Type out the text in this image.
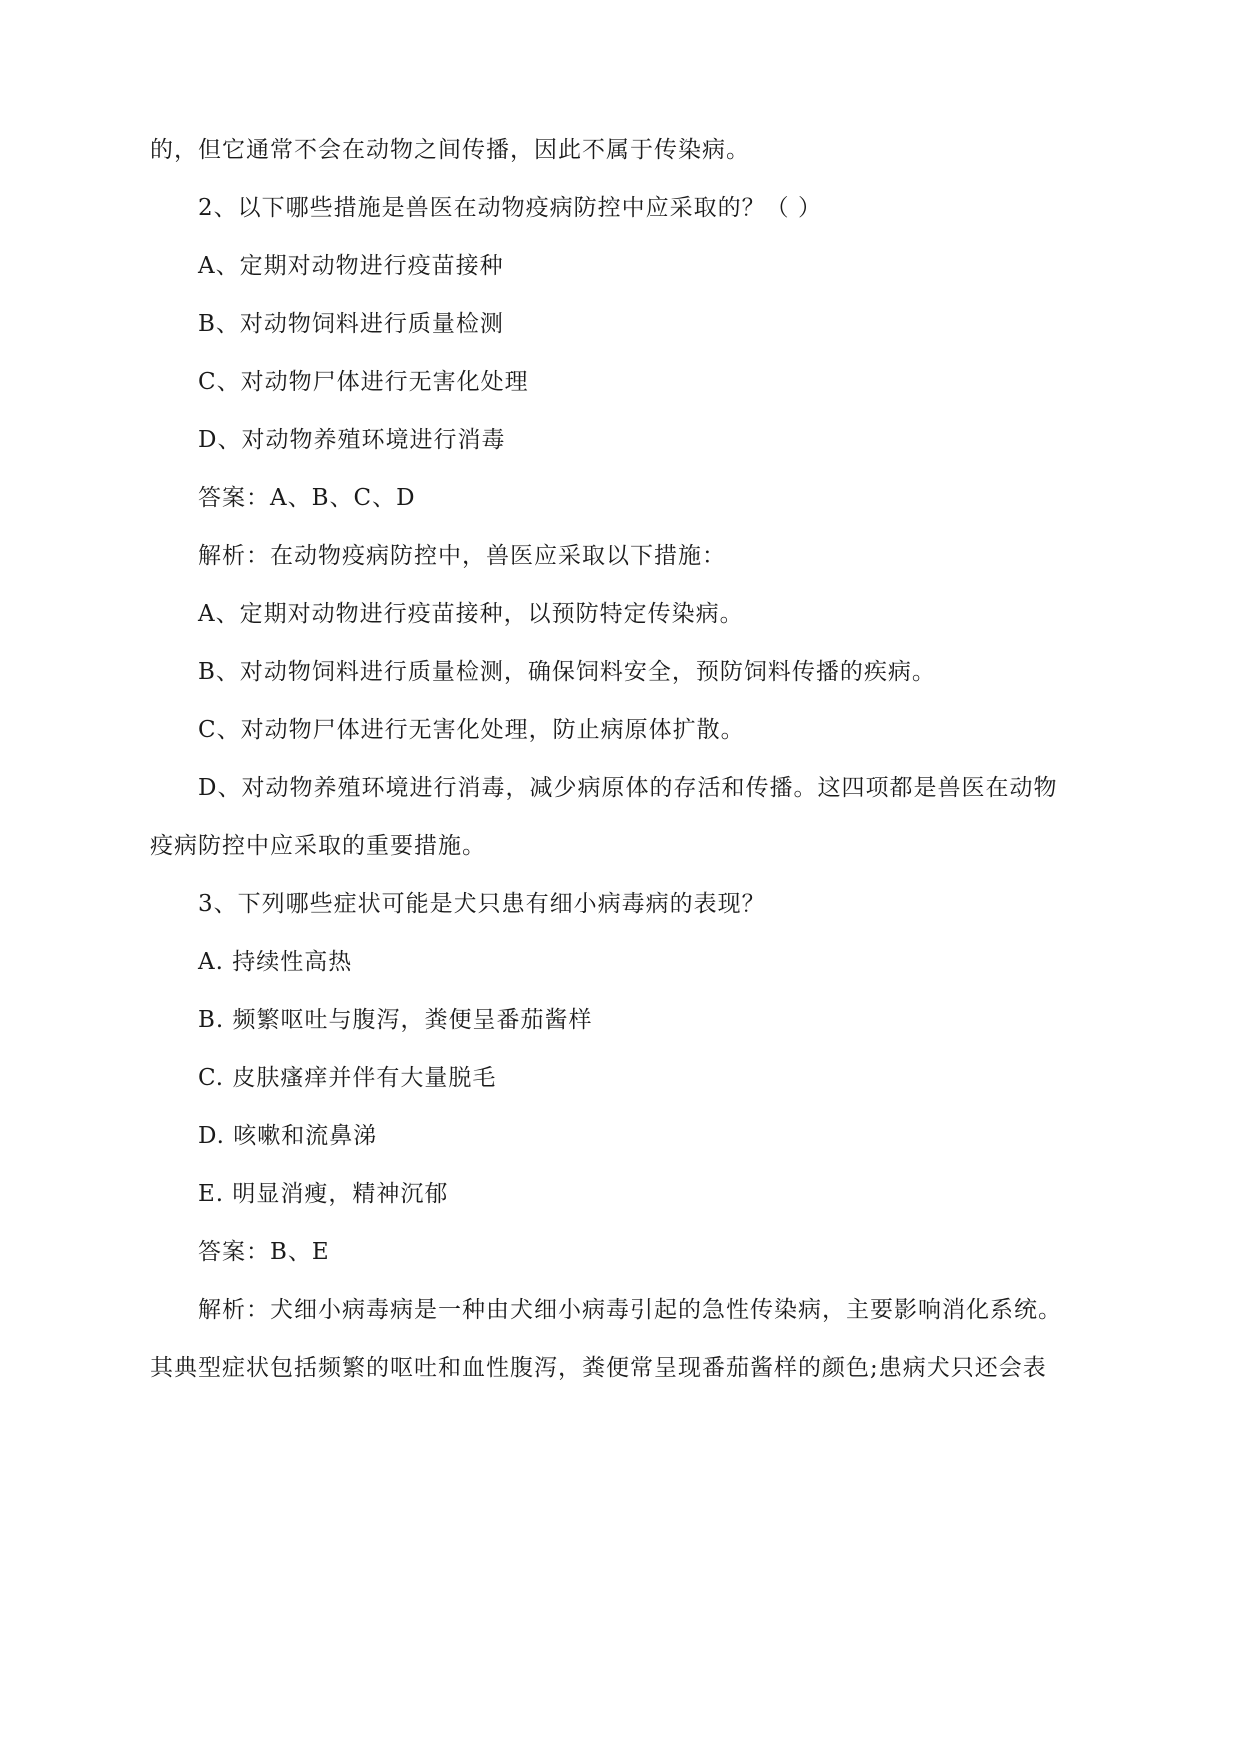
的，但它通常不会在动物之间传播，因此不属于传染病。

2、以下哪些措施是兽医在动物疫病防控中应采取的？（ ）

A、定期对动物进行疫苗接种

B、对动物饲料进行质量检测

C、对动物尸体进行无害化处理

D、对动物养殖环境进行消毒

答案：A、B、C、D

解析：在动物疫病防控中，兽医应采取以下措施：

A、定期对动物进行疫苗接种，以预防特定传染病。

B、对动物饲料进行质量检测，确保饲料安全，预防饲料传播的疾病。

C、对动物尸体进行无害化处理，防止病原体扩散。

D、对动物养殖环境进行消毒，减少病原体的存活和传播。这四项都是兽医在动物

疫病防控中应采取的重要措施。

3、下列哪些症状可能是犬只患有细小病毒病的表现？

A. 持续性高热

B. 频繁呕吐与腹泻，粪便呈番茄酱样

C. 皮肤瘙痒并伴有大量脱毛

D. 咳嗽和流鼻涕

E. 明显消瘦，精神沉郁

答案：B、E

解析：犬细小病毒病是一种由犬细小病毒引起的急性传染病，主要影响消化系统。

其典型症状包括频繁的呕吐和血性腹泻，粪便常呈现番茄酱样的颜色;患病犬只还会表
